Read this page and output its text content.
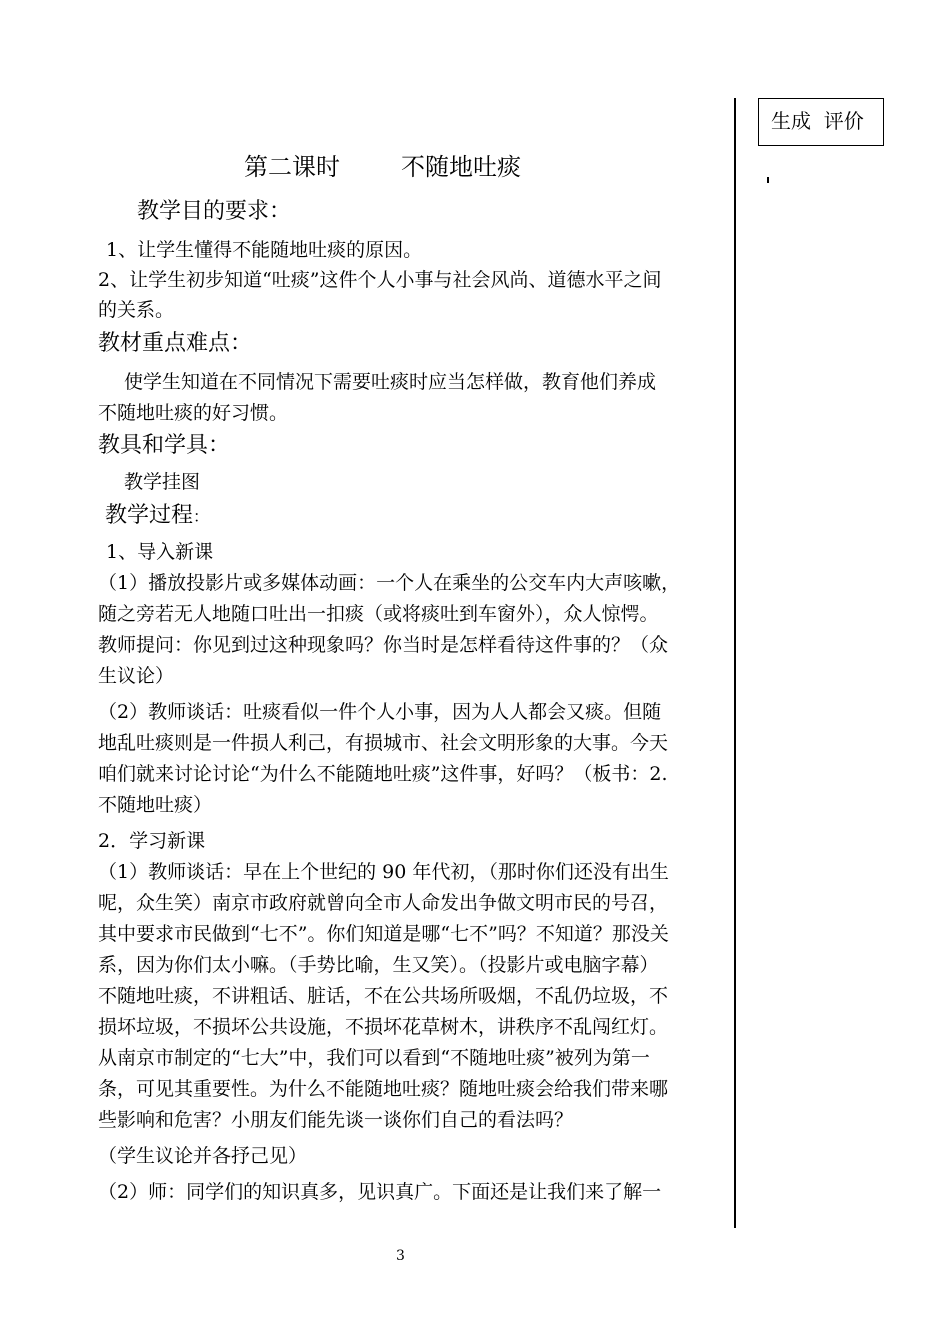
生成  评价
第二课时        不随地吐痰
教学目的要求：
1、让学生懂得不能随地吐痰的原因。
2、让学生初步知道“吐痰”这件个人小事与社会风尚、道德水平之间
的关系。
教材重点难点：
使学生知道在不同情况下需要吐痰时应当怎样做，教育他们养成
不随地吐痰的好习惯。
教具和学具：
教学挂图
教学过程：
1、导入新课
（1）播放投影片或多媒体动画：一个人在乘坐的公交车内大声咳嗽，
随之旁若无人地随口吐出一扣痰（或将痰吐到车窗外），众人惊愕。
教师提问：你见到过这种现象吗？你当时是怎样看待这件事的？（众
生议论）
（2）教师谈话：吐痰看似一件个人小事，因为人人都会又痰。但随
地乱吐痰则是一件损人利己，有损城市、社会文明形象的大事。今天
咱们就来讨论讨论“为什么不能随地吐痰”这件事，好吗？（板书：2.
不随地吐痰）
2．学习新课
（1）教师谈话：早在上个世纪的 90 年代初，（那时你们还没有出生
呢，众生笑）南京市政府就曾向全市人命发出争做文明市民的号召，
其中要求市民做到“七不”。你们知道是哪“七不”吗？不知道？那没关
系，因为你们太小嘛。（手势比喻，生又笑）。（投影片或电脑字幕）
不随地吐痰，不讲粗话、脏话，不在公共场所吸烟，不乱仍垃圾，不
损坏垃圾，不损坏公共设施，不损坏花草树木，讲秩序不乱闯红灯。
从南京市制定的“七大”中，我们可以看到“不随地吐痰”被列为第一
条，可见其重要性。为什么不能随地吐痰？随地吐痰会给我们带来哪
些影响和危害？小朋友们能先谈一谈你们自己的看法吗？
（学生议论并各抒己见）
（2）师：同学们的知识真多，见识真广。下面还是让我们来了解一
3
